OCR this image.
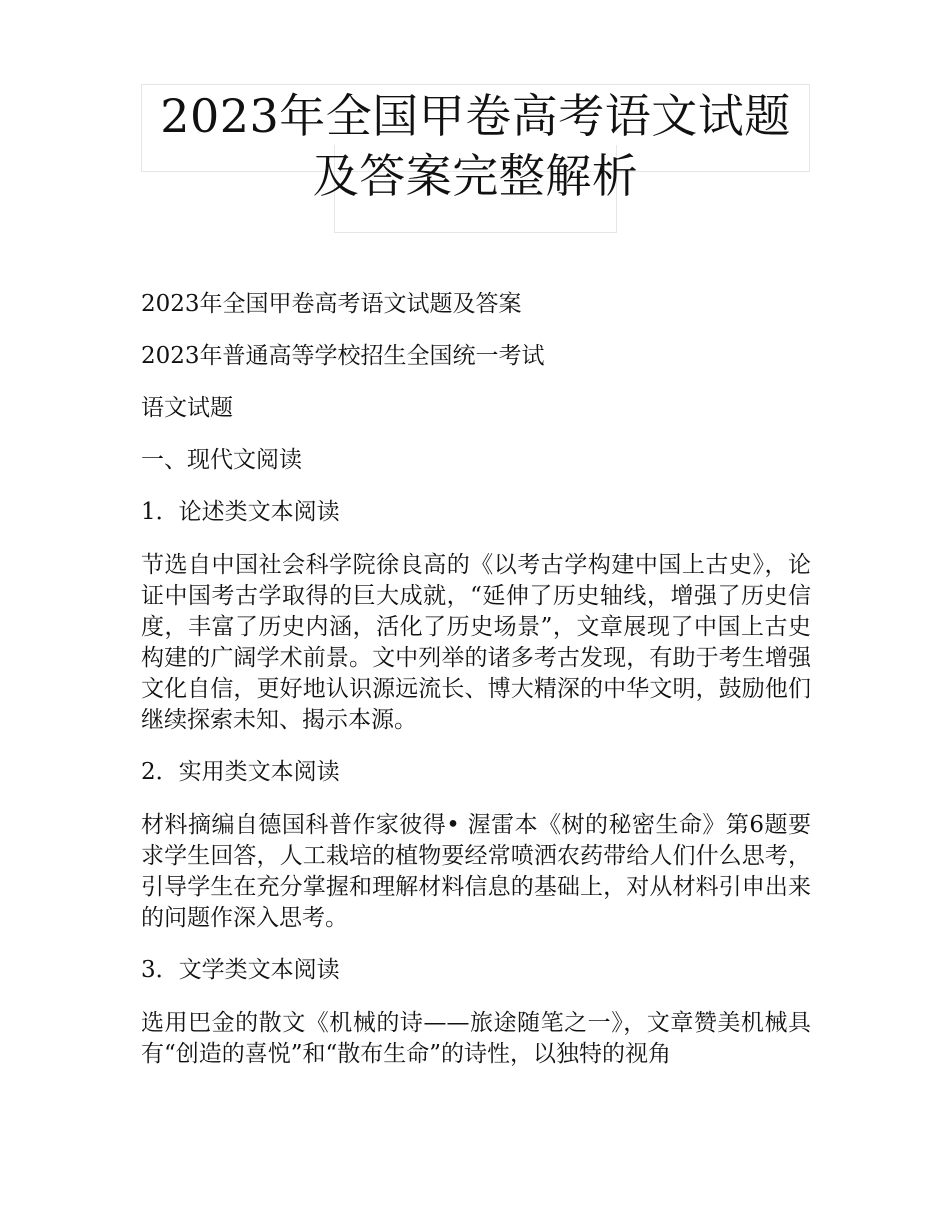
2023年全国甲卷高考语文试题及答案完整解析
2023年全国甲卷高考语文试题及答案
2023年普通高等学校招生全国统一考试
语文试题
一、现代文阅读
1．论述类文本阅读
节选自中国社会科学院徐良高的《以考古学构建中国上古史》，论证中国考古学取得的巨大成就，“延伸了历史轴线，增强了历史信度，丰富了历史内涵，活化了历史场景”，文章展现了中国上古史构建的广阔学术前景。文中列举的诸多考古发现，有助于考生增强文化自信，更好地认识源远流长、博大精深的中华文明，鼓励他们继续探索未知、揭示本源。
2．实用类文本阅读
材料摘编自德国科普作家彼得• 渥雷本《树的秘密生命》第6题要求学生回答，人工栽培的植物要经常喷洒农药带给人们什么思考，引导学生在充分掌握和理解材料信息的基础上，对从材料引申出来的问题作深入思考。
3．文学类文本阅读
选用巴金的散文《机械的诗——旅途随笔之一》，文章赞美机械具有“创造的喜悦”和“散布生命”的诗性，以独特的视角
